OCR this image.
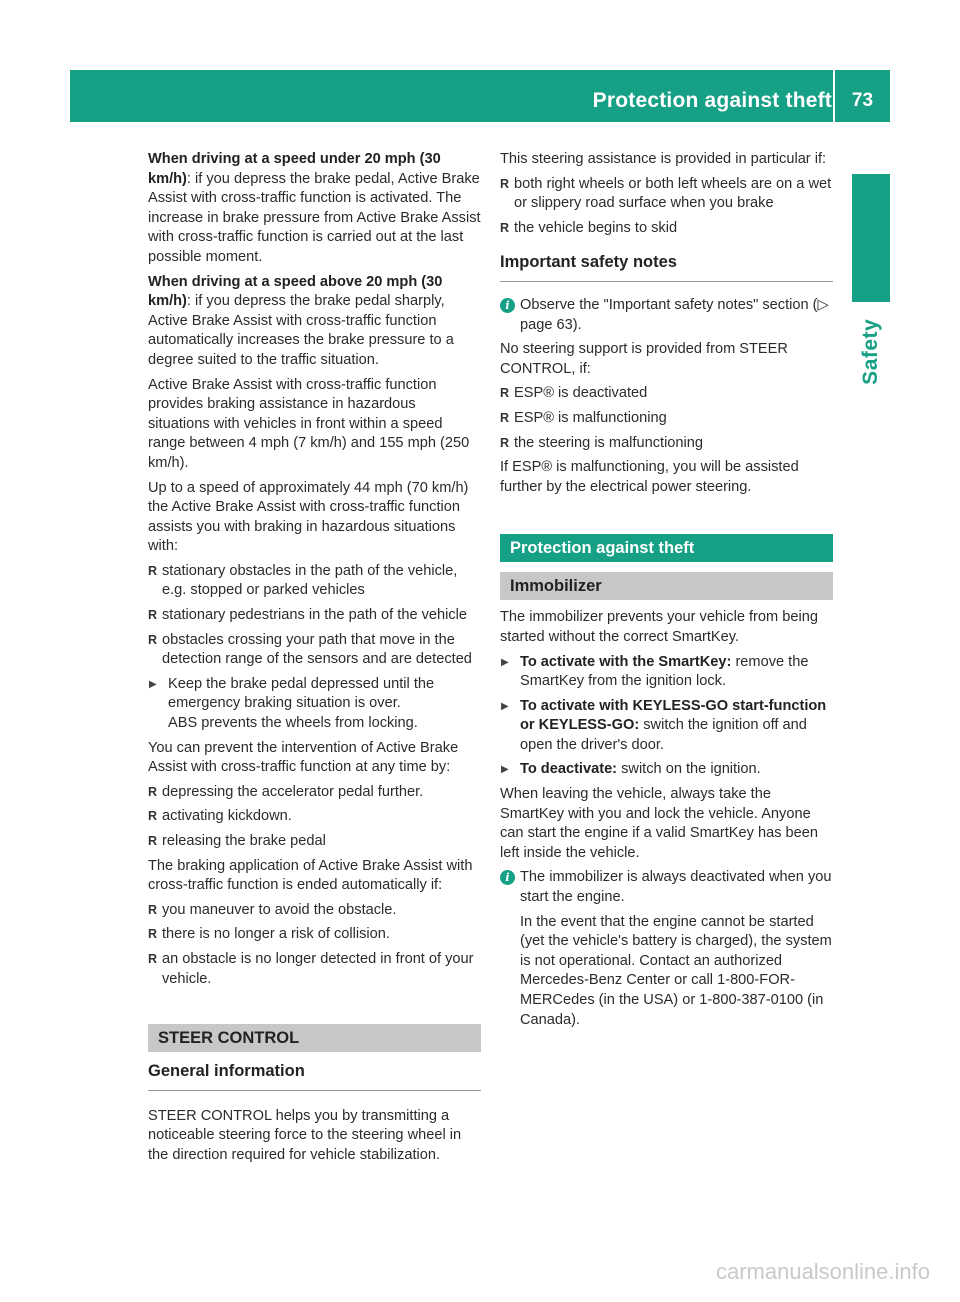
Protection against theft	73
Safety

When driving at a speed under 20 mph (30 km/h): if you depress the brake pedal, Active Brake Assist with cross-traffic function is activated. The increase in brake pressure from Active Brake Assist with cross-traffic function is carried out at the last possible moment.

When driving at a speed above 20 mph (30 km/h): if you depress the brake pedal sharply, Active Brake Assist with cross-traffic function automatically increases the brake pressure to a degree suited to the traffic situation.

Active Brake Assist with cross-traffic function provides braking assistance in hazardous situations with vehicles in front within a speed range between 4 mph (7 km/h) and 155 mph (250 km/h).

Up to a speed of approximately 44 mph (70 km/h) the Active Brake Assist with cross-traffic function assists you with braking in hazardous situations with:

R stationary obstacles in the path of the vehicle, e.g. stopped or parked vehicles
R stationary pedestrians in the path of the vehicle
R obstacles crossing your path that move in the detection range of the sensors and are detected
▶ Keep the brake pedal depressed until the emergency braking situation is over.
ABS prevents the wheels from locking.

You can prevent the intervention of Active Brake Assist with cross-traffic function at any time by:

R depressing the accelerator pedal further.
R activating kickdown.
R releasing the brake pedal

The braking application of Active Brake Assist with cross-traffic function is ended automatically if:

R you maneuver to avoid the obstacle.
R there is no longer a risk of collision.
R an obstacle is no longer detected in front of your vehicle.
STEER CONTROL
General information

STEER CONTROL helps you by transmitting a noticeable steering force to the steering wheel in the direction required for vehicle stabilization.

This steering assistance is provided in particular if:

R both right wheels or both left wheels are on a wet or slippery road surface when you brake
R the vehicle begins to skid
Important safety notes
i Observe the "Important safety notes" section (▷ page 63).

No steering support is provided from STEER CONTROL, if:

R ESP® is deactivated
R ESP® is malfunctioning
R the steering is malfunctioning

If ESP® is malfunctioning, you will be assisted further by the electrical power steering.

Protection against theft
Immobilizer

The immobilizer prevents your vehicle from being started without the correct SmartKey.

▶ To activate with the SmartKey: remove the SmartKey from the ignition lock.
▶ To activate with KEYLESS-GO start-function or KEYLESS-GO: switch the ignition off and open the driver's door.
▶ To deactivate: switch on the ignition.

When leaving the vehicle, always take the SmartKey with you and lock the vehicle. Anyone can start the engine if a valid SmartKey has been left inside the vehicle.

i The immobilizer is always deactivated when you start the engine.
In the event that the engine cannot be started (yet the vehicle's battery is charged), the system is not operational. Contact an authorized Mercedes-Benz Center or call 1-800-FOR-MERCedes (in the USA) or 1-800-387-0100 (in Canada).
carmanualsonline.info
